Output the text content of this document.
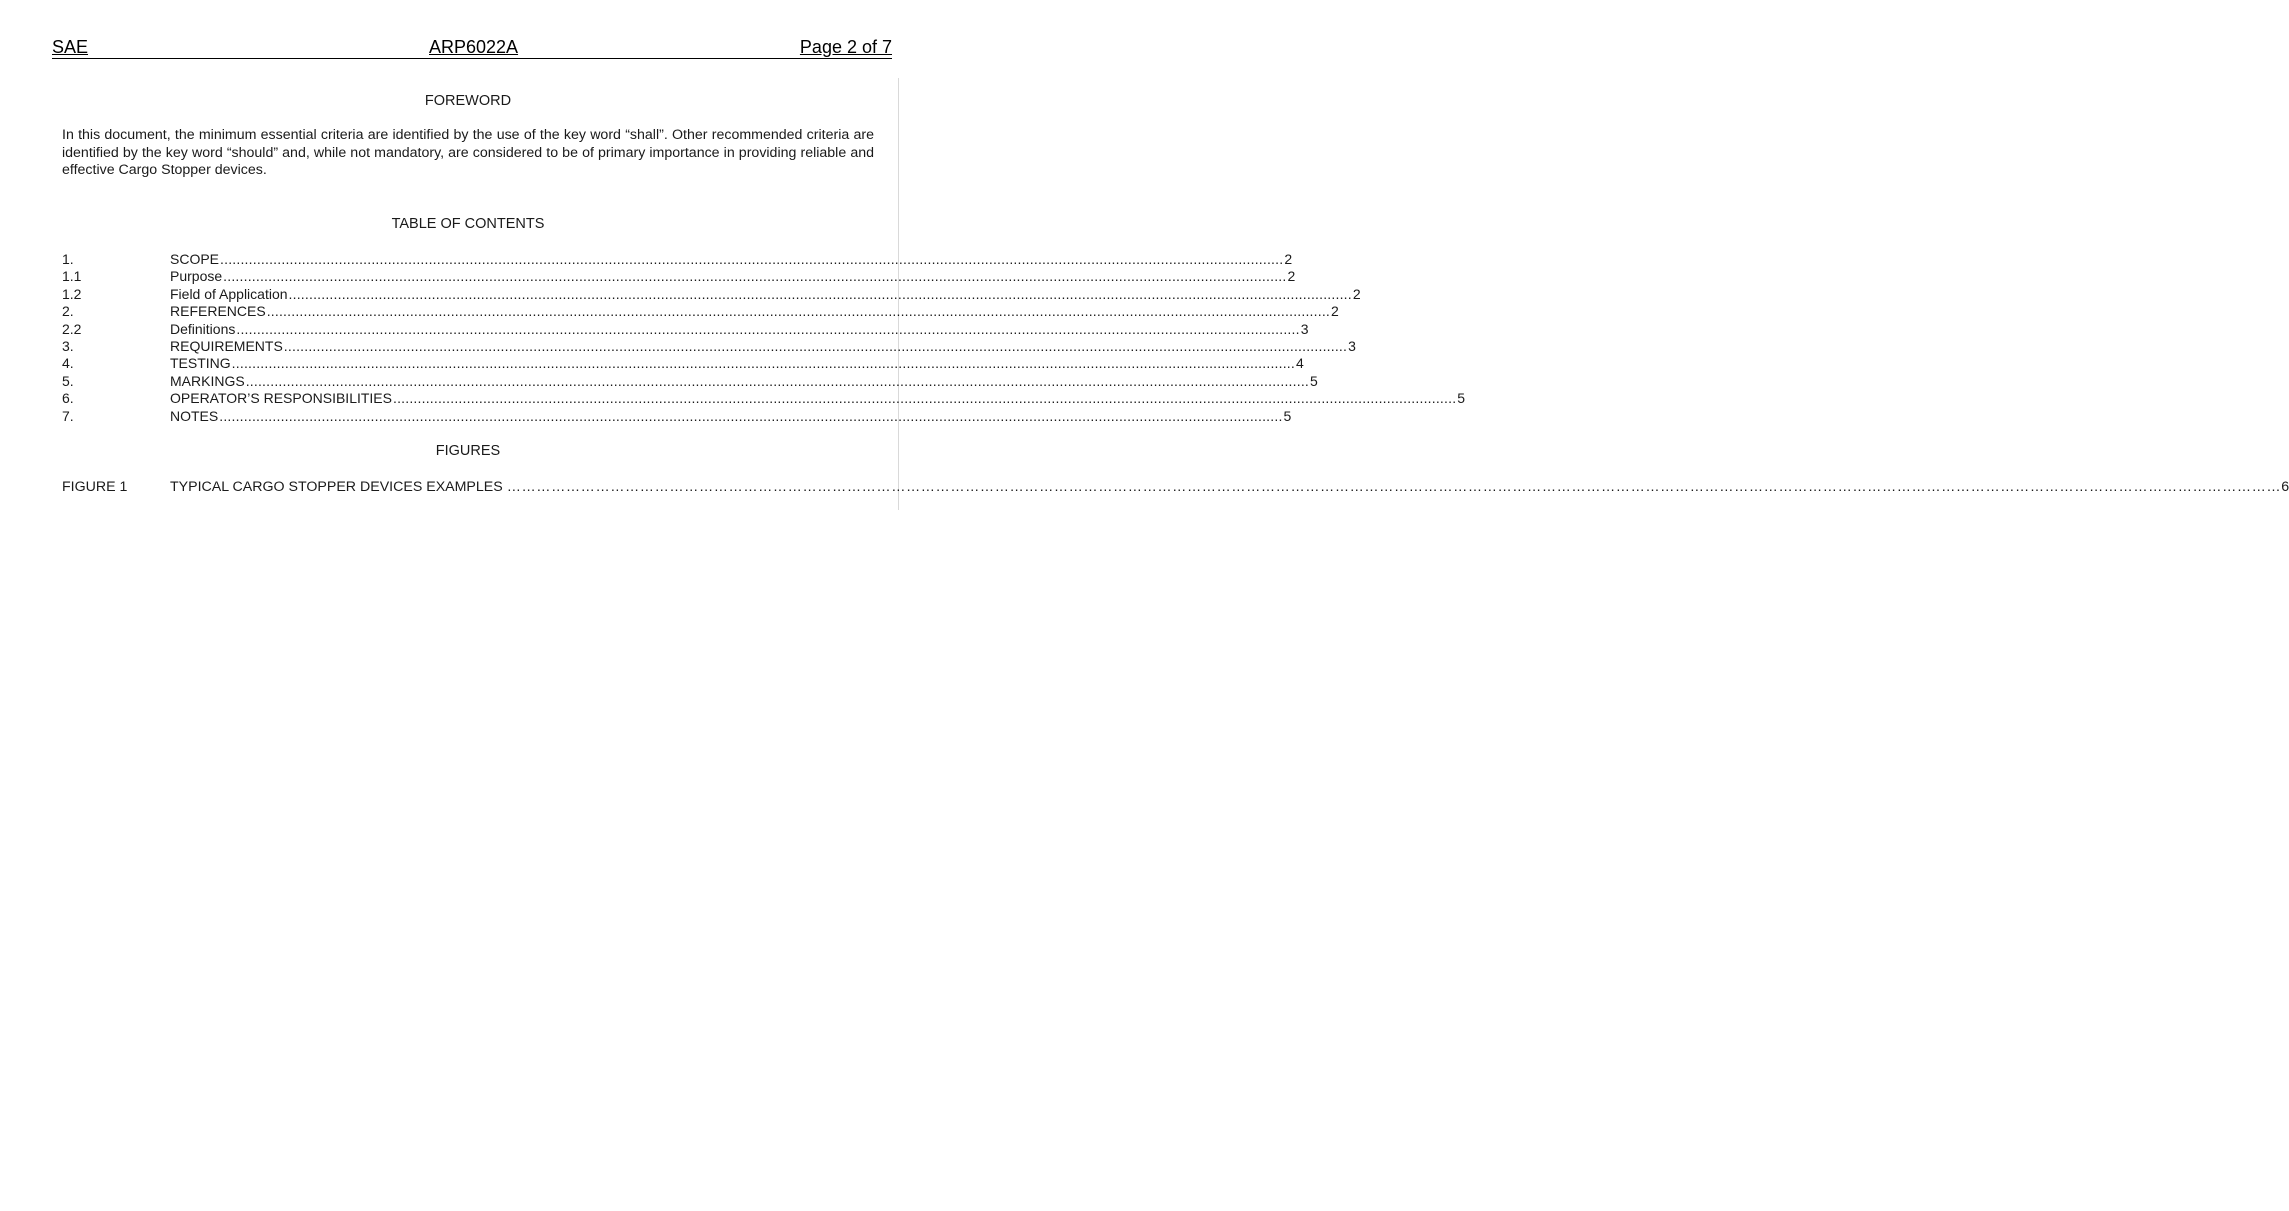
SAE	ARP6022A	Page 2 of 7
FOREWORD
In this document, the minimum essential criteria are identified by the use of the key word “shall”. Other recommended criteria are identified by the key word “should” and, while not mandatory, are considered to be of primary importance in providing reliable and effective Cargo Stopper devices.
TABLE OF CONTENTS
1.	SCOPE .................................................................................................................................................................................................................................................................... 2
1.1	Purpose .................................................................................................................................................................................................................................................................... 2
1.2	Field of Application .................................................................................................................................................................................................................................................................... 2
2.	REFERENCES .................................................................................................................................................................................................................................................................... 2
2.2	Definitions .................................................................................................................................................................................................................................................................... 3
3.	REQUIREMENTS .................................................................................................................................................................................................................................................................... 3
4.	TESTING .................................................................................................................................................................................................................................................................... 4
5.	MARKINGS .................................................................................................................................................................................................................................................................... 5
6.	OPERATOR’S RESPONSIBILITIES .................................................................................................................................................................................................................................................................... 5
7.	NOTES .................................................................................................................................................................................................................................................................... 5
FIGURES
FIGURE 1	TYPICAL CARGO STOPPER DEVICES EXAMPLES ……………………………………………………………………………………………………………………………………………………………………………………………………………………………………………………………………………………………………………………………… 6
